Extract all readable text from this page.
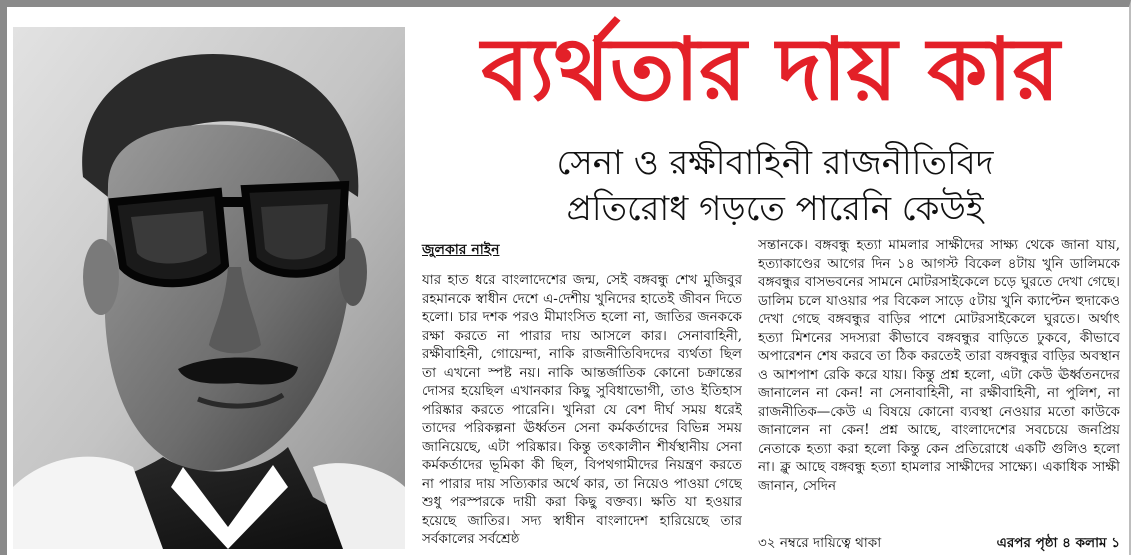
ব্যর্থতার দায় কার
সেনা ও রক্ষীবাহিনী রাজনীতিবিদ
প্রতিরোধ গড়তে পারেনি কেউই
জুলকার নাইন
যার হাত ধরে বাংলাদেশের জন্ম, সেই বঙ্গবন্ধু শেখ মুজিবুর রহমানকে স্বাধীন দেশে এ-দেশীয় খুনিদের হাতেই জীবন দিতে হলো। চার দশক পরও মীমাংসিত হলো না, জাতির জনককে রক্ষা করতে না পারার দায় আসলে কার। সেনাবাহিনী, রক্ষীবাহিনী, গোয়েন্দা, নাকি রাজনীতিবিদদের ব্যর্থতা ছিল তা এখনো স্পষ্ট নয়। নাকি আন্তর্জাতিক কোনো চক্রান্তের দোসর হয়েছিল এখানকার কিছু সুবিধাভোগী, তাও ইতিহাস পরিষ্কার করতে পারেনি। খুনিরা যে বেশ দীর্ঘ সময় ধরেই তাদের পরিকল্পনা ঊর্ধ্বতন সেনা কর্মকর্তাদের বিভিন্ন সময় জানিয়েছে, এটা পরিষ্কার। কিন্তু তৎকালীন শীর্ষস্থানীয় সেনা কর্মকর্তাদের ভূমিকা কী ছিল, বিপথগামীদের নিয়ন্ত্রণ করতে না পারার দায় সত্যিকার অর্থে কার, তা নিয়েও পাওয়া গেছে শুধু পরস্পরকে দায়ী করা কিছু বক্তব্য। ক্ষতি যা হওয়ার হয়েছে জাতির। সদ্য স্বাধীন বাংলাদেশ হারিয়েছে তার সর্বকালের সর্বশ্রেষ্ঠ
সন্তানকে। বঙ্গবন্ধু হত্যা মামলার সাক্ষীদের সাক্ষ্য থেকে জানা যায়, হত্যাকাণ্ডের আগের দিন ১৪ আগস্ট বিকেল ৪টায় খুনি ডালিমকে বঙ্গবন্ধুর বাসভবনের সামনে মোটরসাইকেলে চড়ে ঘুরতে দেখা গেছে। ডালিম চলে যাওয়ার পর বিকেল সাড়ে ৫টায় খুনি ক্যাপ্টেন হুদাকেও দেখা গেছে বঙ্গবন্ধুর বাড়ির পাশে মোটরসাইকেলে ঘুরতে। অর্থাৎ হত্যা মিশনের সদস্যরা কীভাবে বঙ্গবন্ধুর বাড়িতে ঢুকবে, কীভাবে অপারেশন শেষ করবে তা ঠিক করতেই তারা বঙ্গবন্ধুর বাড়ির অবস্থান ও আশপাশ রেকি করে যায়। কিন্তু প্রশ্ন হলো, এটা কেউ ঊর্ধ্বতনদের জানালেন না কেন! না সেনাবাহিনী, না রক্ষীবাহিনী, না পুলিশ, না রাজনীতিক—কেউ এ বিষয়ে কোনো ব্যবস্থা নেওয়ার মতো কাউকে জানালেন না কেন! প্রশ্ন আছে, বাংলাদেশের সবচেয়ে জনপ্রিয় নেতাকে হত্যা করা হলো কিন্তু কেন প্রতিরোধে একটি গুলিও হলো না। ক্লু আছে বঙ্গবন্ধু হত্যা হামলার সাক্ষীদের সাক্ষ্যে। একাধিক সাক্ষী জানান, সেদিন
৩২ নম্বরে দায়িত্বে থাকা	এরপর পৃষ্ঠা ৪ কলাম ১
